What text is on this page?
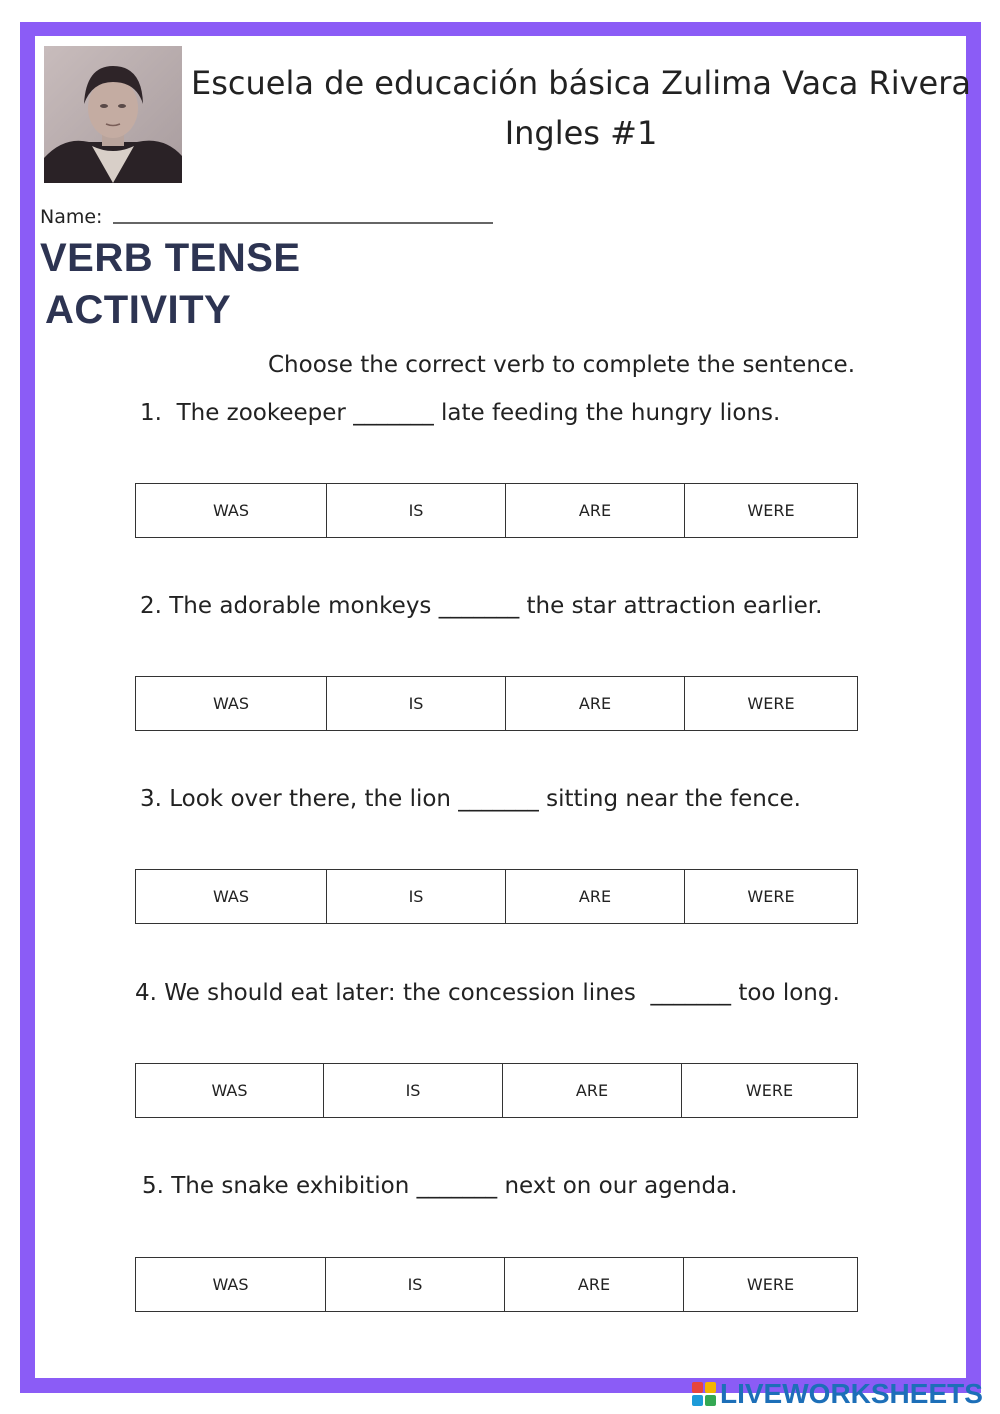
Escuela de educación básica Zulima Vaca Rivera
Ingles #1
Name:
VERB TENSE
ACTIVITY
Choose the correct verb to complete the sentence.
1.  The zookeeper _______ late feeding the hungry lions.
WAS	IS	ARE	WERE
2. The adorable monkeys _______ the star attraction earlier.
WAS	IS	ARE	WERE
3. Look over there, the lion _______ sitting near the fence.
WAS	IS	ARE	WERE
4. We should eat later: the concession lines  _______ too long.
WAS	IS	ARE	WERE
5. The snake exhibition _______ next on our agenda.
WAS	IS	ARE	WERE
LIVEWORKSHEETS
